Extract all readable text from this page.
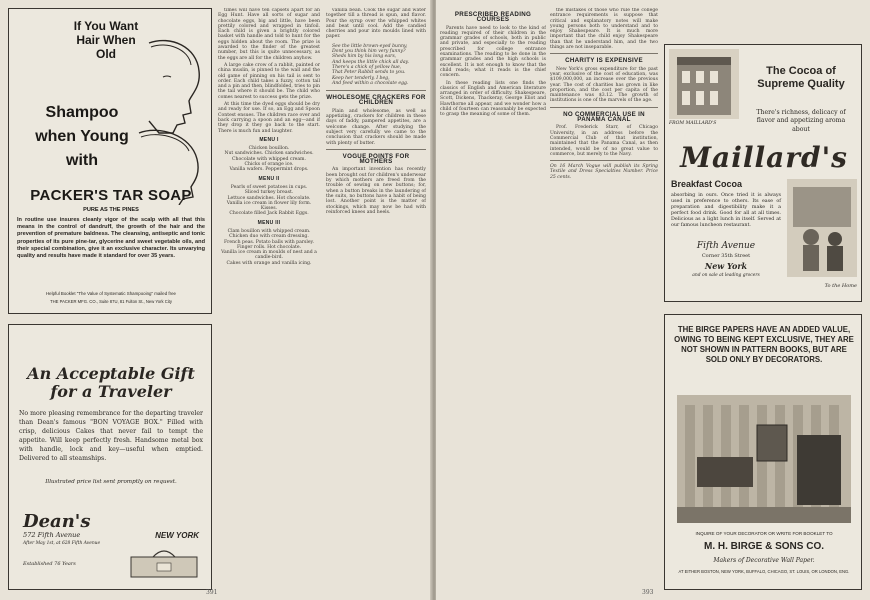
If You Want Hair When Old
Shampoo when Young with
PACKER'S TAR SOAP
PURE AS THE PINES
In routine use insures cleanly vigor of the scalp with all that this means in the control of dandruff, the growth of the hair and the prevention of premature baldness. The cleansing, antiseptic and tonic properties of its pure pine-tar, glycerine and sweet vegetable oils, and their special combination, give it an exclusive character. Its unvarying quality and results have made it standard for over 35 years.
Helpful Booklet "The Value of Systematic Shampooing" mailed free
THE PACKER MFG. CO., Suite 87U, 81 Fulton St., New York City
An Acceptable Gift for a Traveler
No more pleasing remembrance for the departing traveler than Dean's famous "BON VOYAGE BOX." Filled with crisp, delicious Cakes that never fail to tempt the appetite. Will keep perfectly fresh. Handsome metal box with handle, lock and key—useful when emptied. Delivered to all steamships.
Illustrated price list sent promptly on request.
Dean's
572 Fifth Avenue	NEW YORK
After May 1st, at 628 Fifth Avenue
Established 76 Years

times will have ten capsets apart for an Egg Hunt. Have all sorts of sugar and chocolate eggs, big and little, have been prettily colored and wrapped in tinfoil. Each child is given a brightly colored basket with handle and told to hunt for the eggs hidden about the room. The prize is awarded to the finder of the greatest number, but this is quite unnecessary, as the eggs are all for the children anyhow.

A large cake crow of a rabbit, painted or china muslin, is pinned to the wall and the old game of pinning on his tail is sent to order. Each child takes a fuzzy, cotton tail and a pin and then, blindfolded, tries to pin the tail where it should be. The child who comes nearest to success gets the prize.

At this time the dyed eggs should be dry and ready for use. If so, an Egg and Spoon Contest ensues. The children race over and back carrying a spoon and an egg—and if they drop it they go back to the start. There is much fun and laughter.

MENU I
Chicken bouillon.
Nut sandwiches. Chicken sandwiches.
Chocolate with whipped cream.
Chicks of orange ice.
Vanilla wafers. Peppermint drops.
MENU II
Pearls of sweet potatoes in cups.
Sliced turkey breast.
Lettuce sandwiches. Hot chocolate.
Vanilla ice cream in flower lily form.
Kisses.
Chocolate filled Jack Rabbit Eggs.
MENU III
Clam bouillon with whipped cream.
Chicken duo with cream dressing.
French peas. Potato balls with parsley.
Finger rolls. Hot chocolate.
Vanilla ice cream in moulds of nest and a candle-bird.
Cakes with orange and vanilla icing.

vanilla bean. Cook the sugar and water together till a thread is spun, and flavor. Pour the syrup over the whipped whites and beat until cool. Add the candied cherries and pour into moulds lined with paper.

See the little brown-eyed bunny,
Dont you think him very funny?
Sheds him by his long ears,
And keeps the little chick all day.
There's a chick of yellow hue,
That Peter Rabbit sends to you.
Keep her tenderly, I beg,
And feed within a chocolate egg.
WHOLESOME CRACKERS FOR CHILDREN

Plain and wholesome, as well as appetizing, crackers for children in these days of faddy, pampered appetites, are a welcome change. After studying the subject very carefully we came to the conclusion that crackers should be made with plenty of butter.

VOGUE POINTS FOR MOTHERS

An important invention has recently been brought out for children's underwear by which mothers are freed from the trouble of sewing on new buttons; for, when a button breaks in the laundering of the suits, no buttons have a habit of being lost. Another point is the matter of stockings, which may now be had with reinforced knees and heels.

391
PRESCRIBED READING COURSES

Parents have need to look to the kind of reading required of their children in the grammar grades of schools, both in public and private, and especially to the reading prescribed for college entrance examinations. The reading to be done in the grammar grades and the high schools is excellent. It is not enough to know that the child reads; what it reads is the chief concern.

In these reading lists one finds the classics of English and American literature arranged in order of difficulty. Shakespeare, Scott, Dickens, Thackeray, George Eliot and Hawthorne all appear, and we wonder how a child of fourteen can reasonably be expected to grasp the meaning of some of them.

the mistakes of those who rule the college entrance requirements is suppose that critical and explanatory notes will make young persons both to understand and to enjoy Shakespeare. It is much more important that the child enjoy Shakespeare than that he understand him, and the two things are not inseparable.

CHARITY IS EXPENSIVE

New York's gross expenditure for the past year, exclusive of the cost of education, was $109,000,000, an increase over the previous year. The cost of charities has grown in like proportion, and the cost per capita of the maintenance was $3.12. The growth of institutions is one of the marvels of the age.

NO COMMERCIAL USE IN PANAMA CANAL

Prof. Frederick Starr, of Chicago University, in an address before the Commercial Club of that institution, maintained that the Panama Canal, as then intended, would be of no great value to commerce, but merely to the Navy.

On 16 March Vogue will publish its Spring Textile and Dress Specialties Number. Price 25 cents.

FROM MAILLARD'S
The Cocoa of Supreme Quality
There's richness, delicacy of flavor and appetizing aroma about
Maillard's
Breakfast Cocoa
absorbing in ours. Once tried it is always used in preference to others. Its ease of preparation and digestibility make it a perfect food drink. Good for all at all times. Delicious as a light lunch in itself. Served at our famous luncheon restaurant.
Fifth Avenue
Corner 35th Street
New York
and on sale at leading grocers
To the Home
THE BIRGE PAPERS HAVE AN ADDED VALUE, OWING TO BEING KEPT EXCLUSIVE, THEY ARE NOT SHOWN IN PATTERN BOOKS, BUT ARE SOLD ONLY BY DECORATORS.
INQUIRE OF YOUR DECORATOR OR WRITE FOR BOOKLET TO
M. H. BIRGE & SONS CO.
Makers of Decorative Wall Paper.
AT EITHER BOSTON, NEW YORK, BUFFALO, CHICAGO, ST. LOUIS, OR LONDON, ENG.
393
